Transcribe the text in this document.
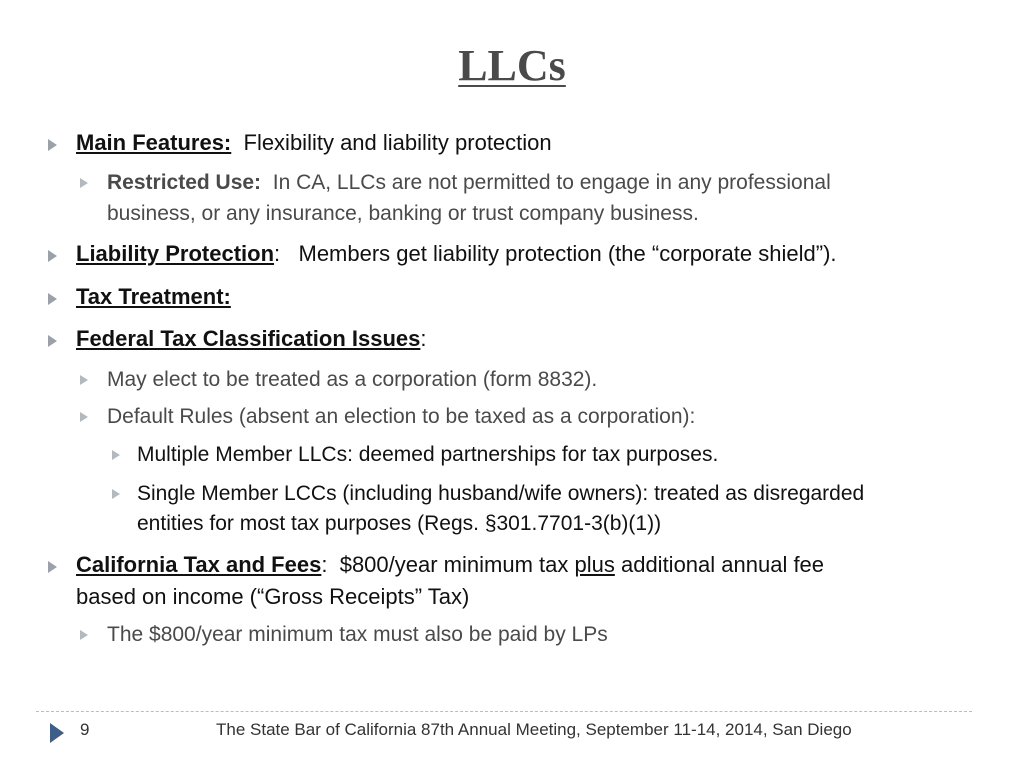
LLCs
Main Features: Flexibility and liability protection
Restricted Use: In CA, LLCs are not permitted to engage in any professional
business, or any insurance, banking or trust company business.
Liability Protection: Members get liability protection (the “corporate shield”).
Tax Treatment:
Federal Tax Classification Issues:
May elect to be treated as a corporation (form 8832).
Default Rules (absent an election to be taxed as a corporation):
Multiple Member LLCs: deemed partnerships for tax purposes.
Single Member LCCs (including husband/wife owners): treated as disregarded
entities for most tax purposes (Regs. §301.7701-3(b)(1))
California Tax and Fees: $800/year minimum tax plus additional annual fee
based on income (“Gross Receipts” Tax)
The $800/year minimum tax must also be paid by LPs
9	The State Bar of California 87th Annual Meeting, September 11-14, 2014, San Diego
